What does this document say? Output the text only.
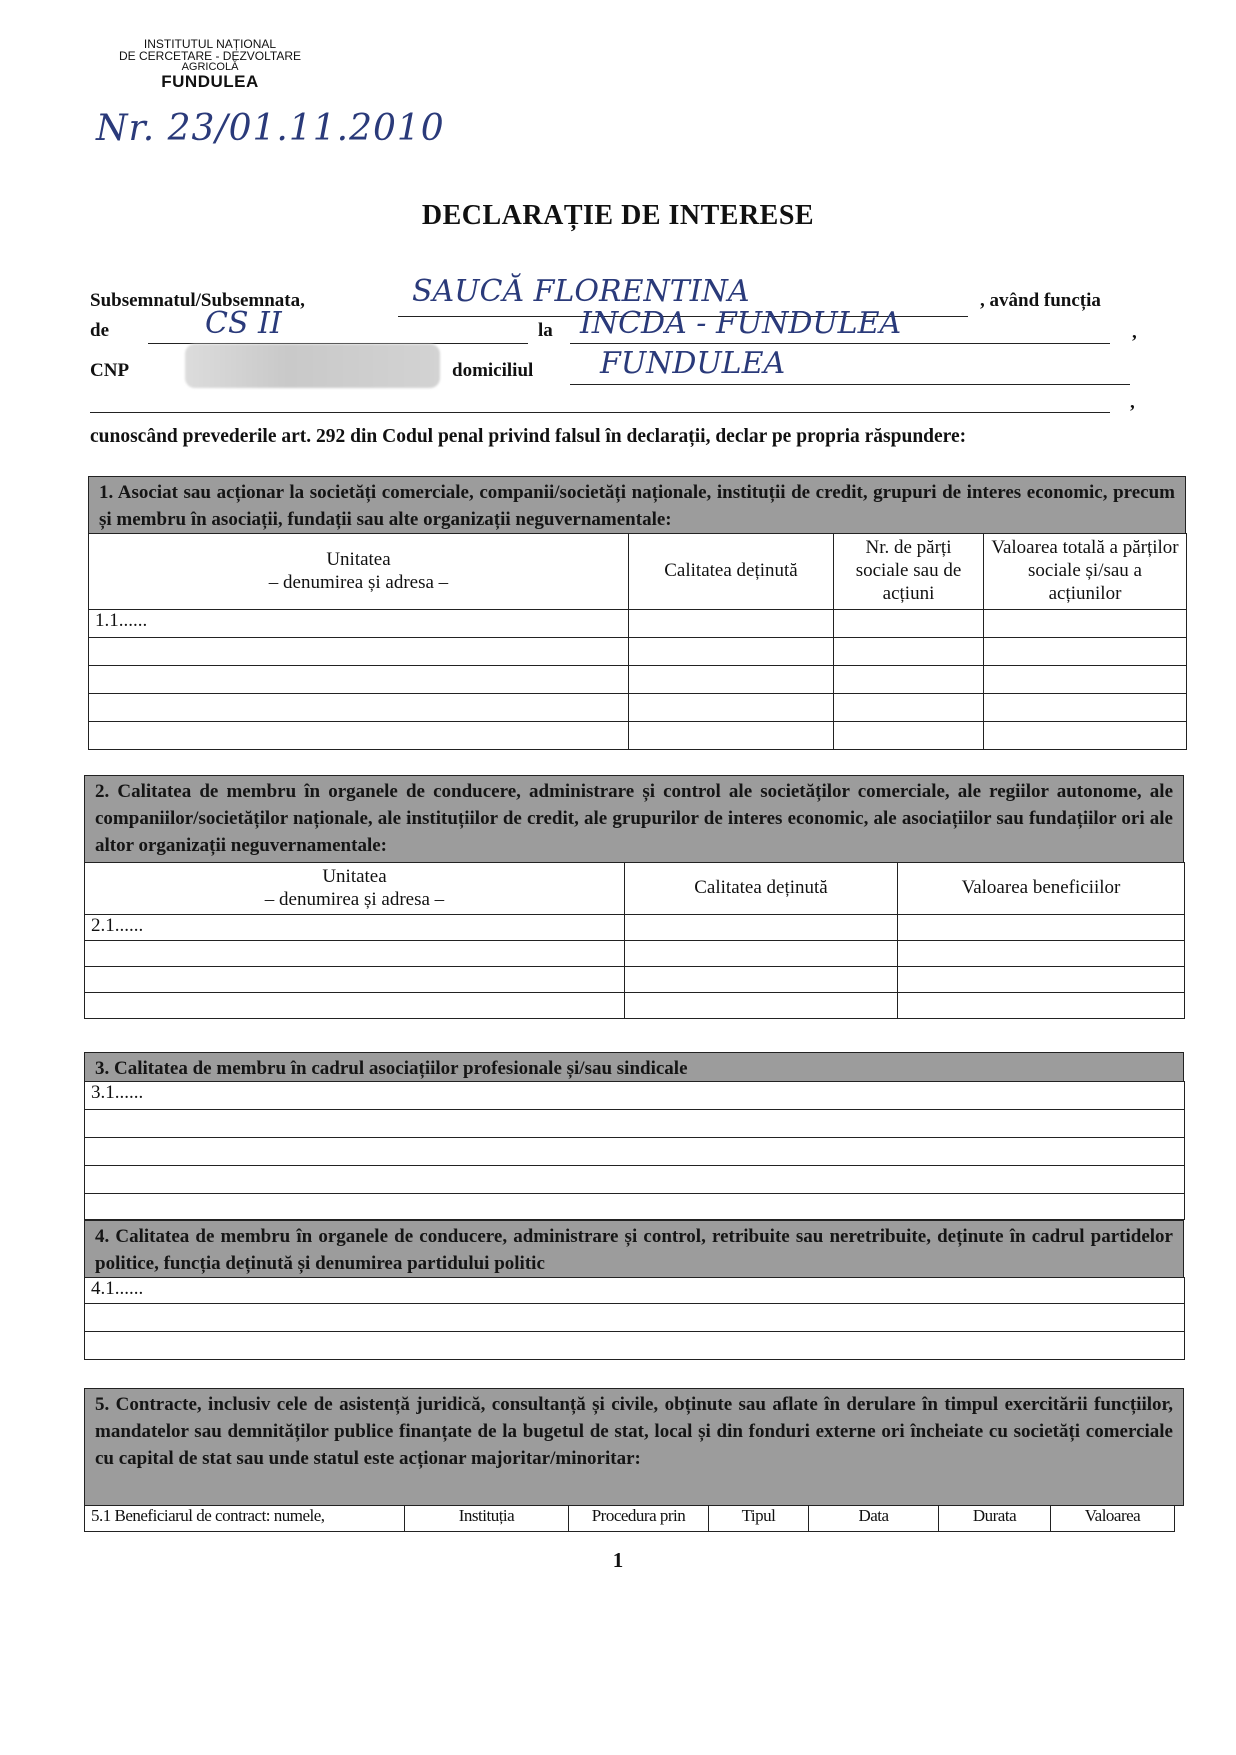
INSTITUTUL NAȚIONAL
DE CERCETARE - DEZVOLTARE
AGRICOLĂ
FUNDULEA
Nr. 23/01.11.2010
DECLARAȚIE DE INTERESE
Subsemnatul/Subsemnata,	SAUCĂ FLORENTINA	, având funcția
de	CS II	la INCDA - FUNDULEA	,
CNP	domiciliul FUNDULEA
,
cunoscând prevederile art. 292 din Codul penal privind falsul în declarații, declar pe propria răspundere:
1. Asociat sau acționar la societăți comerciale, companii/societăți naționale, instituții de credit, grupuri de interes economic, precum și membru în asociații, fundații sau alte organizații neguvernamentale:
Unitatea
– denumirea și adresa –	Calitatea deținută	Nr. de părți sociale sau de acțiuni	Valoarea totală a părților sociale și/sau a acțiunilor
1.1......			

2. Calitatea de membru în organele de conducere, administrare și control ale societăților comerciale, ale regiilor autonome, ale companiilor/societăților naționale, ale instituțiilor de credit, ale grupurilor de interes economic, ale asociațiilor sau fundațiilor ori ale altor organizații neguvernamentale:
Unitatea
– denumirea și adresa –	Calitatea deținută	Valoarea beneficiilor
2.1......		

3. Calitatea de membru în cadrul asociațiilor profesionale și/sau sindicale
3.1......

4. Calitatea de membru în organele de conducere, administrare și control, retribuite sau neretribuite, deținute în cadrul partidelor politice, funcția deținută și denumirea partidului politic
4.1......

5. Contracte, inclusiv cele de asistență juridică, consultanță și civile, obținute sau aflate în derulare în timpul exercitării funcțiilor, mandatelor sau demnităților publice finanțate de la bugetul de stat, local și din fonduri externe ori încheiate cu societăți comerciale cu capital de stat sau unde statul este acționar majoritar/minoritar:
5.1 Beneficiarul de contract: numele,	Instituția	Procedura prin	Tipul	Data	Durata	Valoarea
1
